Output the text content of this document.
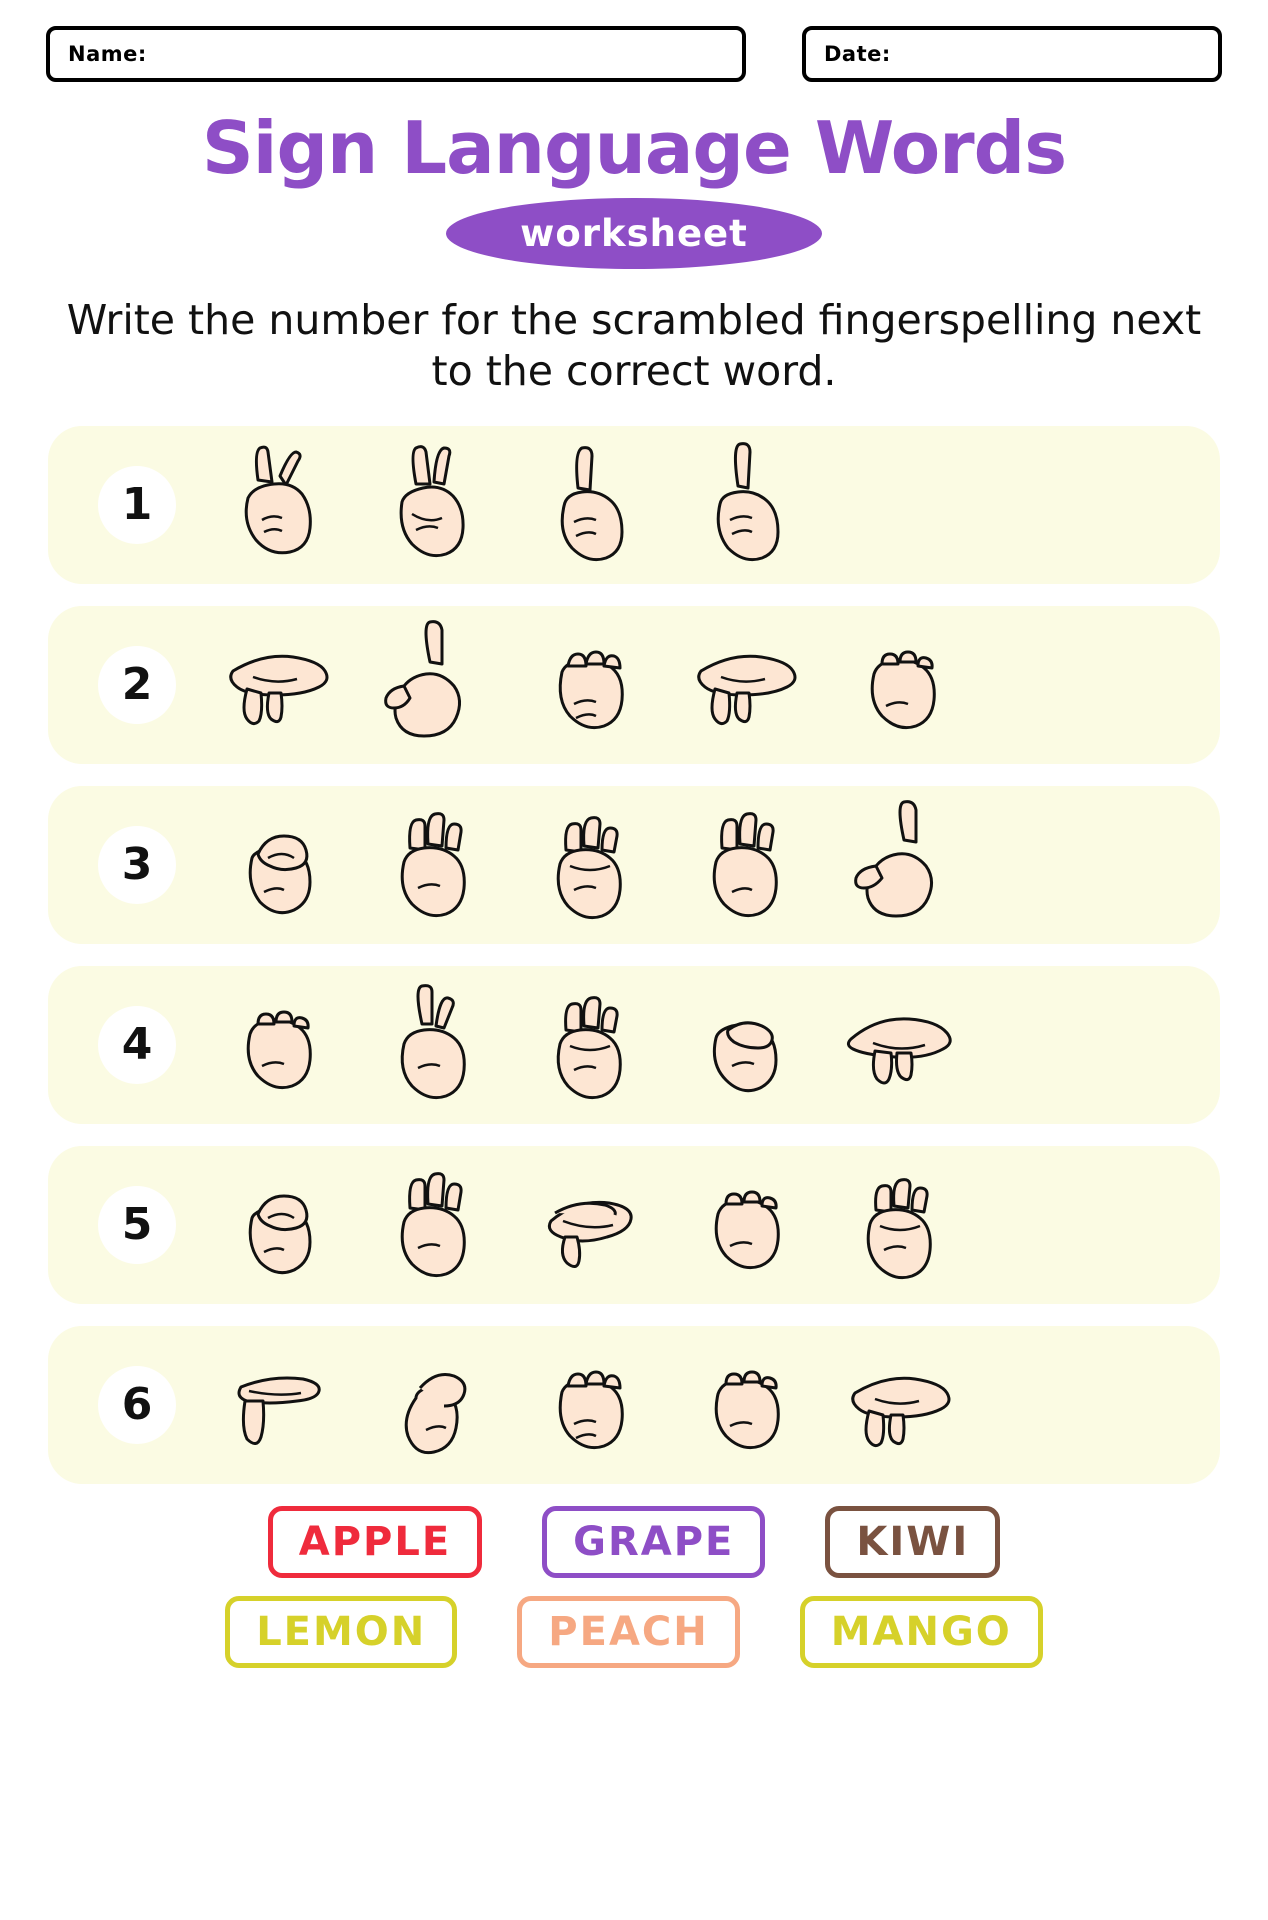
Name:	Date:
Sign Language Words
worksheet
Write the number for the scrambled fingerspelling next to the correct word.
1
2
3
4
5
6
APPLE	GRAPE	KIWI
LEMON	PEACH	MANGO
